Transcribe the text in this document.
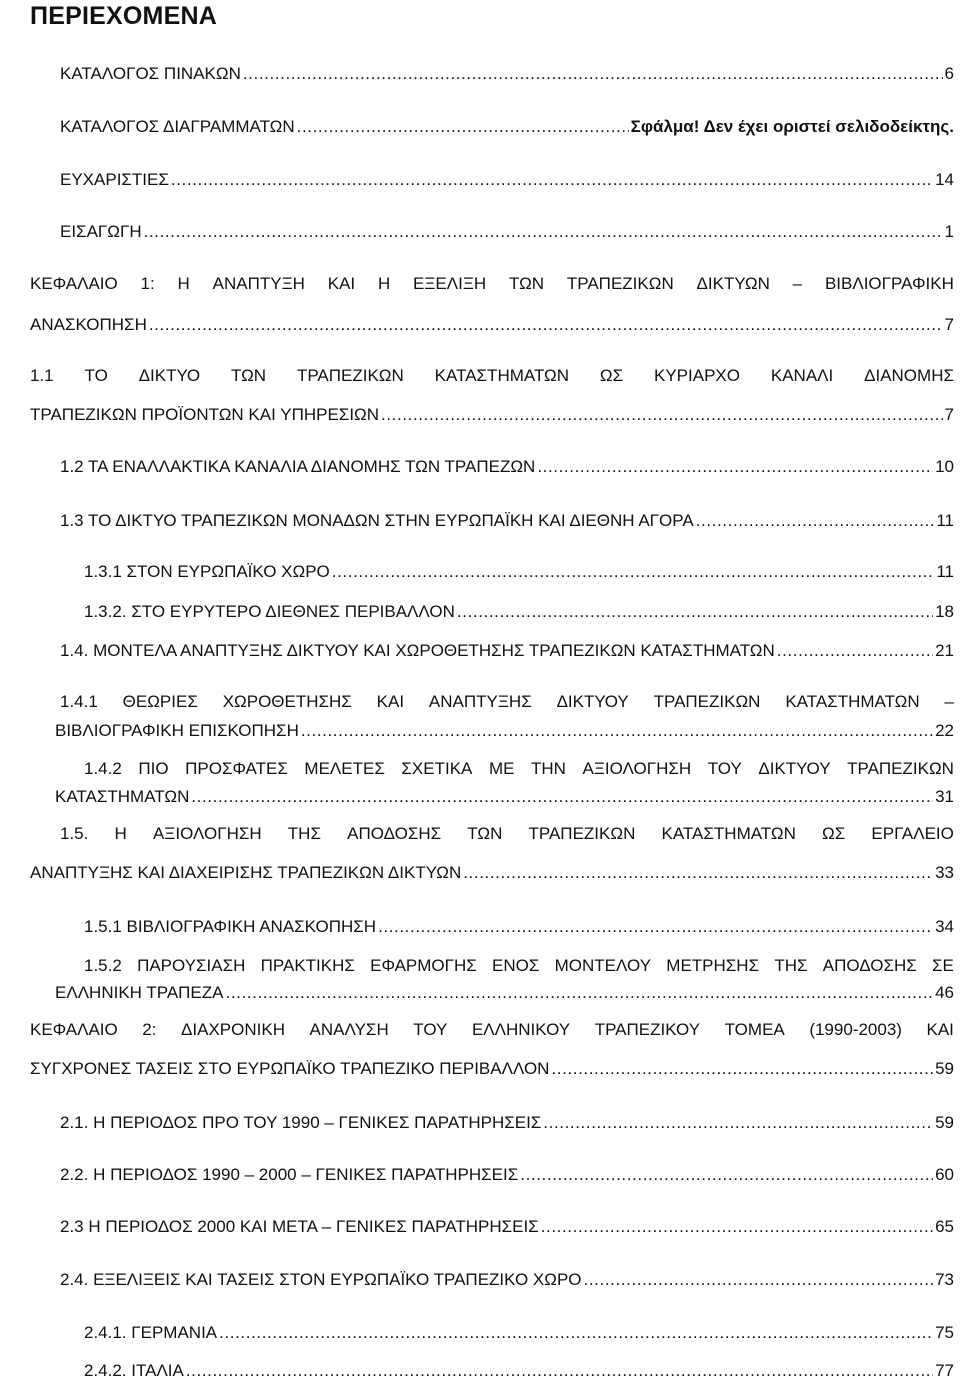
ΠΕΡΙΕΧΟΜΕΝΑ
ΚΑΤΑΛΟΓΟΣ ΠΙΝΑΚΩΝ .....	6
ΚΑΤΑΛΟΓΟΣ ΔΙΑΓΡΑΜΜΑΤΩΝ .....	Σφάλμα! Δεν έχει οριστεί σελιδοδείκτης.
ΕΥΧΑΡΙΣΤΙΕΣ .....	14
ΕΙΣΑΓΩΓΗ .....	1
ΚΕΦΑΛΑΙΟ 1: Η ΑΝΑΠΤΥΞΗ ΚΑΙ Η ΕΞΕΛΙΞΗ ΤΩΝ ΤΡΑΠΕΖΙΚΩΝ ΔΙΚΤΥΩΝ – ΒΙΒΛΙΟΓΡΑΦΙΚΗ
ΑΝΑΣΚΟΠΗΣΗ .....	7
1.1 ΤΟ ΔΙΚΤΥΟ ΤΩΝ ΤΡΑΠΕΖΙΚΩΝ ΚΑΤΑΣΤΗΜΑΤΩΝ ΩΣ ΚΥΡΙΑΡΧΟ ΚΑΝΑΛΙ ΔΙΑΝΟΜΗΣ
ΤΡΑΠΕΖΙΚΩΝ ΠΡΟΪΟΝΤΩΝ ΚΑΙ ΥΠΗΡΕΣΙΩΝ .....	7
1.2 ΤΑ ΕΝΑΛΛΑΚΤΙΚΑ ΚΑΝΑΛΙΑ ΔΙΑΝΟΜΗΣ ΤΩΝ ΤΡΑΠΕΖΩΝ .....	10
1.3 ΤΟ ΔΙΚΤΥΟ ΤΡΑΠΕΖΙΚΩΝ ΜΟΝΑΔΩΝ ΣΤΗΝ ΕΥΡΩΠΑΪΚΗ ΚΑΙ ΔΙΕΘΝΗ ΑΓΟΡΑ .....	11
1.3.1 ΣΤΟΝ ΕΥΡΩΠΑΪΚΟ ΧΩΡΟ .....	11
1.3.2. ΣΤΟ ΕΥΡΥΤΕΡΟ ΔΙΕΘΝΕΣ ΠΕΡΙΒΑΛΛΟΝ .....	18
1.4. ΜΟΝΤΕΛΑ ΑΝΑΠΤΥΞΗΣ ΔΙΚΤΥΟΥ ΚΑΙ ΧΩΡΟΘΕΤΗΣΗΣ ΤΡΑΠΕΖΙΚΩΝ ΚΑΤΑΣΤΗΜΑΤΩΝ .....	21
1.4.1 ΘΕΩΡΙΕΣ ΧΩΡΟΘΕΤΗΣΗΣ ΚΑΙ ΑΝΑΠΤΥΞΗΣ ΔΙΚΤΥΟΥ ΤΡΑΠΕΖΙΚΩΝ ΚΑΤΑΣΤΗΜΑΤΩΝ –
ΒΙΒΛΙΟΓΡΑΦΙΚΗ ΕΠΙΣΚΟΠΗΣΗ .....	22
1.4.2 ΠΙΟ ΠΡΟΣΦΑΤΕΣ ΜΕΛΕΤΕΣ ΣΧΕΤΙΚΑ ΜΕ ΤΗΝ ΑΞΙΟΛΟΓΗΣΗ ΤΟΥ ΔΙΚΤΥΟΥ ΤΡΑΠΕΖΙΚΩΝ
ΚΑΤΑΣΤΗΜΑΤΩΝ .....	31
1.5. Η ΑΞΙΟΛΟΓΗΣΗ ΤΗΣ ΑΠΟΔΟΣΗΣ ΤΩΝ ΤΡΑΠΕΖΙΚΩΝ ΚΑΤΑΣΤΗΜΑΤΩΝ ΩΣ ΕΡΓΑΛΕΙΟ
ΑΝΑΠΤΥΞΗΣ ΚΑΙ ΔΙΑΧΕΙΡΙΣΗΣ ΤΡΑΠΕΖΙΚΩΝ ΔΙΚΤΥΩΝ .....	33
1.5.1 ΒΙΒΛΙΟΓΡΑΦΙΚΗ ΑΝΑΣΚΟΠΗΣΗ .....	34
1.5.2 ΠΑΡΟΥΣΙΑΣΗ ΠΡΑΚΤΙΚΗΣ ΕΦΑΡΜΟΓΗΣ ΕΝΟΣ ΜΟΝΤΕΛΟΥ ΜΕΤΡΗΣΗΣ ΤΗΣ ΑΠΟΔΟΣΗΣ ΣΕ
ΕΛΛΗΝΙΚΗ ΤΡΑΠΕΖΑ .....	46
ΚΕΦΑΛΑΙΟ 2: ΔΙΑΧΡΟΝΙΚΗ ΑΝΑΛΥΣΗ ΤΟΥ ΕΛΛΗΝΙΚΟΥ ΤΡΑΠΕΖΙΚΟΥ ΤΟΜΕΑ (1990-2003) ΚΑΙ
ΣΥΓΧΡΟΝΕΣ ΤΑΣΕΙΣ ΣΤΟ ΕΥΡΩΠΑΪΚΟ ΤΡΑΠΕΖΙΚΟ ΠΕΡΙΒΑΛΛΟΝ .....	59
2.1. Η ΠΕΡΙΟΔΟΣ ΠΡΟ ΤΟΥ 1990 – ΓΕΝΙΚΕΣ ΠΑΡΑΤΗΡΗΣΕΙΣ .....	59
2.2. Η ΠΕΡΙΟΔΟΣ 1990 – 2000 – ΓΕΝΙΚΕΣ ΠΑΡΑΤΗΡΗΣΕΙΣ .....	60
2.3 Η ΠΕΡΙΟΔΟΣ 2000 ΚΑΙ ΜΕΤΑ – ΓΕΝΙΚΕΣ ΠΑΡΑΤΗΡΗΣΕΙΣ .....	65
2.4. ΕΞΕΛΙΞΕΙΣ ΚΑΙ ΤΑΣΕΙΣ ΣΤΟΝ ΕΥΡΩΠΑΪΚΟ ΤΡΑΠΕΖΙΚΟ ΧΩΡΟ .....	73
2.4.1. ΓΕΡΜΑΝΙΑ .....	75
2.4.2. ΙΤΑΛΙΑ .....	77
